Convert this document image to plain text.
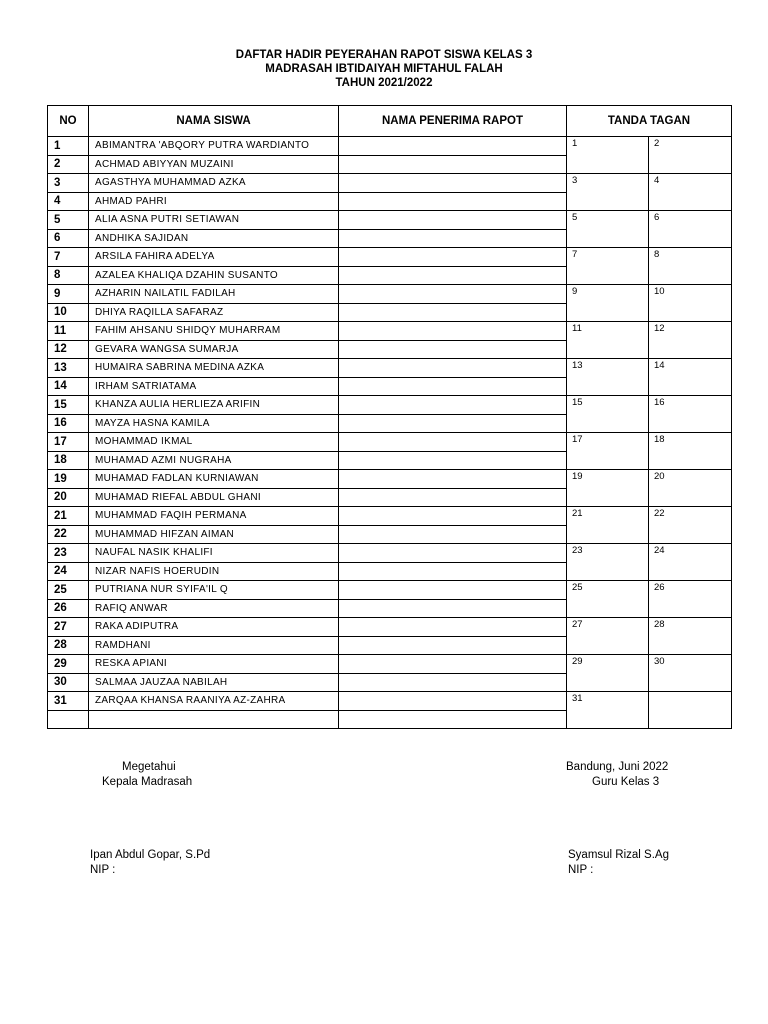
DAFTAR HADIR PEYERAHAN RAPOT SISWA KELAS 3
MADRASAH IBTIDAIYAH MIFTAHUL FALAH
TAHUN 2021/2022
NO	NAMA SISWA	NAMA PENERIMA RAPOT	TANDA TAGAN	
1	ABIMANTRA 'ABQORY PUTRA WARDIANTO		1	2
2	ACHMAD ABIYYAN MUZAINI			
3	AGASTHYA MUHAMMAD AZKA		3	4
4	AHMAD PAHRI			
5	ALIA ASNA PUTRI SETIAWAN		5	6
6	ANDHIKA SAJIDAN			
7	ARSILA FAHIRA ADELYA		7	8
8	AZALEA KHALIQA DZAHIN SUSANTO			
9	AZHARIN NAILATIL FADILAH		9	10
10	DHIYA RAQILLA SAFARAZ			
11	FAHIM AHSANU SHIDQY MUHARRAM		11	12
12	GEVARA WANGSA SUMARJA			
13	HUMAIRA SABRINA MEDINA AZKA		13	14
14	IRHAM SATRIATAMA			
15	KHANZA AULIA HERLIEZA ARIFIN		15	16
16	MAYZA HASNA KAMILA			
17	MOHAMMAD IKMAL		17	18
18	MUHAMAD AZMI NUGRAHA			
19	MUHAMAD FADLAN KURNIAWAN		19	20
20	MUHAMAD RIEFAL ABDUL GHANI			
21	MUHAMMAD FAQIH PERMANA		21	22
22	MUHAMMAD HIFZAN AIMAN			
23	NAUFAL NASIK KHALIFI		23	24
24	NIZAR NAFIS HOERUDIN			
25	PUTRIANA NUR SYIFA'IL Q		25	26
26	RAFIQ ANWAR			
27	RAKA ADIPUTRA		27	28
28	RAMDHANI			
29	RESKA APIANI		29	30
30	SALMAA JAUZAA NABILAH			
31	ZARQAA KHANSA RAANIYA AZ-ZAHRA		31	

Megetahui
Kepala Madrasah
Bandung, Juni 2022
Guru Kelas 3
Ipan Abdul Gopar, S.Pd
NIP :
Syamsul Rizal S.Ag
NIP :
